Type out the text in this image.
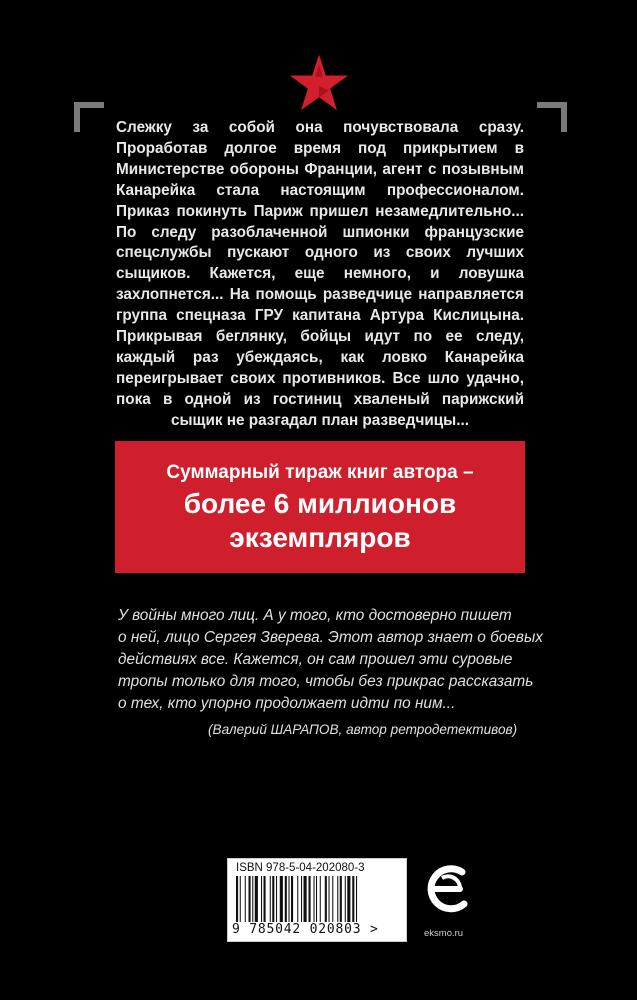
Слежку за собой она почувствовала сразу. Проработав долгое время под прикрытием в Министерстве обороны Франции, агент с позывным Канарейка стала настоящим профессионалом. Приказ покинуть Париж пришел незамедлительно... По следу разоблаченной шпионки французские спецслужбы пускают одного из своих лучших сыщиков. Кажется, еще немного, и ловушка захлопнется... На помощь разведчице направляется группа спецназа ГРУ капитана Артура Кислицына. Прикрывая беглянку, бойцы идут по ее следу, каждый раз убеждаясь, как ловко Канарейка переигрывает своих противников. Все шло удачно, пока в одной из гостиниц хваленый парижский сыщик не разгадал план разведчицы...
Суммарный тираж книг автора –
более 6 миллионов
экземпляров
У войны много лиц. А у того, кто достоверно пишет
о ней, лицо Сергея Зверева. Этот автор знает о боевых
действиях все. Кажется, он сам прошел эти суровые
тропы только для того, чтобы без прикрас рассказать
о тех, кто упорно продолжает идти по ним...
(Валерий ШАРАПОВ, автор ретродетективов)
ISBN 978-5-04-202080-3
9 785042 020803 >	eksmo.ru
